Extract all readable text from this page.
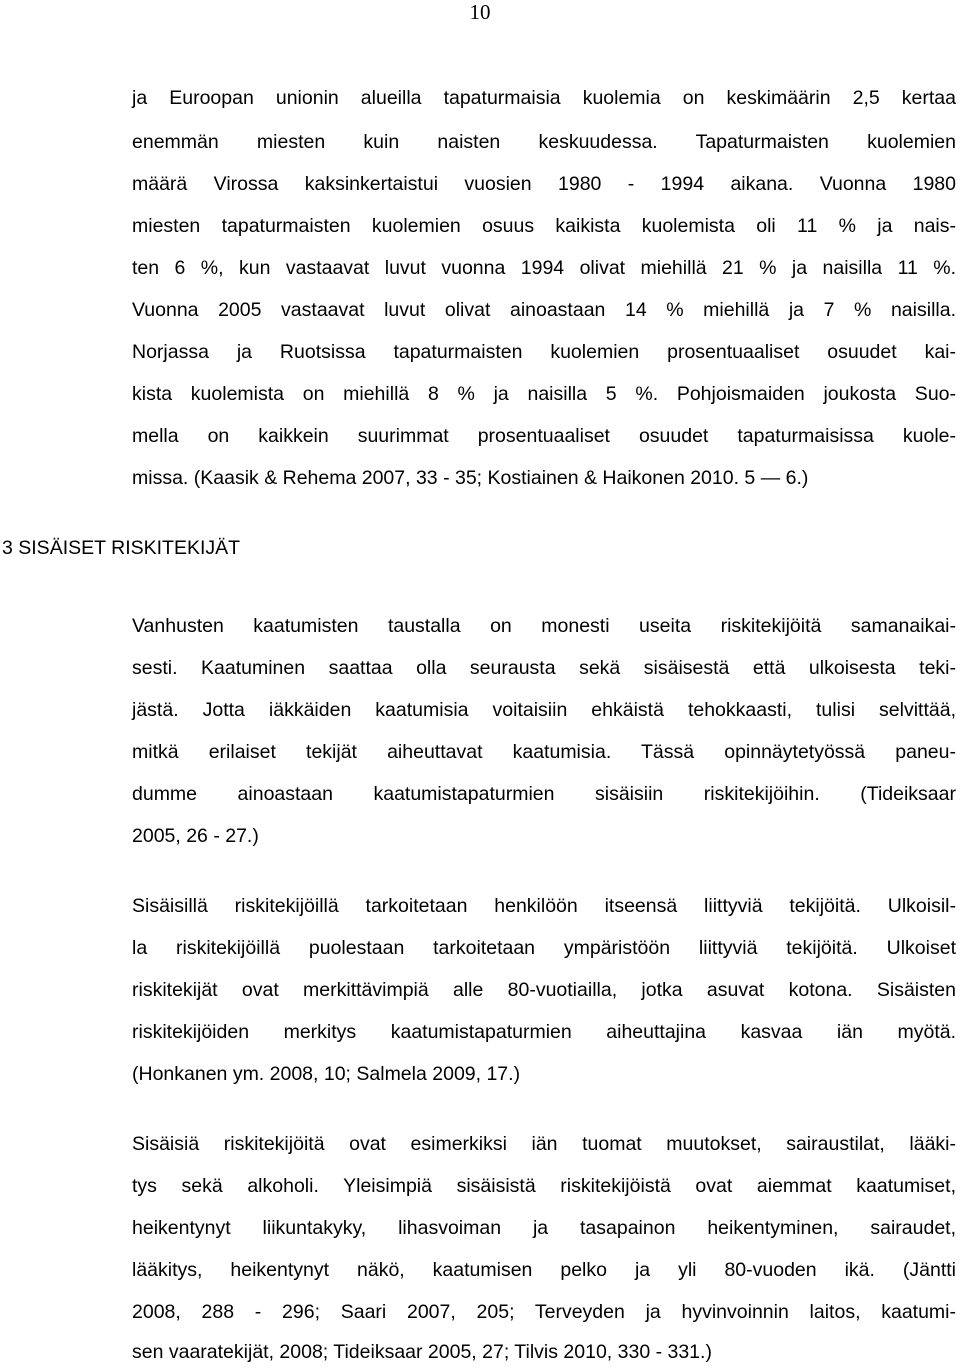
10
ja Euroopan unionin alueilla tapaturmaisia kuolemia on keskimäärin 2,5 kertaa
enemmän miesten kuin naisten keskuudessa. Tapaturmaisten kuolemien
määrä Virossa kaksinkertaistui vuosien 1980 - 1994 aikana. Vuonna 1980
miesten tapaturmaisten kuolemien osuus kaikista kuolemista oli 11 % ja nais-
ten 6 %, kun vastaavat luvut vuonna 1994 olivat miehillä 21 % ja naisilla 11 %.
Vuonna 2005 vastaavat luvut olivat ainoastaan 14 % miehillä ja 7 % naisilla.
Norjassa ja Ruotsissa tapaturmaisten kuolemien prosentuaaliset osuudet kai-
kista kuolemista on miehillä 8 % ja naisilla 5 %. Pohjoismaiden joukosta Suo-
mella on kaikkein suurimmat prosentuaaliset osuudet tapaturmaisissa kuole-
missa. (Kaasik & Rehema 2007, 33 - 35; Kostiainen & Haikonen 2010. 5 — 6.)
3 SISÄISET RISKITEKIJÄT
Vanhusten kaatumisten taustalla on monesti useita riskitekijöitä samanaikai-
sesti. Kaatuminen saattaa olla seurausta sekä sisäisestä että ulkoisesta teki-
jästä. Jotta iäkkäiden kaatumisia voitaisiin ehkäistä tehokkaasti, tulisi selvittää,
mitkä erilaiset tekijät aiheuttavat kaatumisia. Tässä opinnäytetyössä paneu-
dumme ainoastaan kaatumistapaturmien sisäisiin riskitekijöihin. (Tideiksaar
2005, 26 - 27.)
Sisäisillä riskitekijöillä tarkoitetaan henkilöön itseensä liittyviä tekijöitä. Ulkoisil-
la riskitekijöillä puolestaan tarkoitetaan ympäristöön liittyviä tekijöitä. Ulkoiset
riskitekijät ovat merkittävimpiä alle 80-vuotiailla, jotka asuvat kotona. Sisäisten
riskitekijöiden merkitys kaatumistapaturmien aiheuttajina kasvaa iän myötä.
(Honkanen ym. 2008, 10; Salmela 2009, 17.)
Sisäisiä riskitekijöitä ovat esimerkiksi iän tuomat muutokset, sairaustilat, lääki-
tys sekä alkoholi. Yleisimpiä sisäisistä riskitekijöistä ovat aiemmat kaatumiset,
heikentynyt liikuntakyky, lihasvoiman ja tasapainon heikentyminen, sairaudet,
lääkitys, heikentynyt näkö, kaatumisen pelko ja yli 80-vuoden ikä. (Jäntti
2008, 288 - 296; Saari 2007, 205; Terveyden ja hyvinvoinnin laitos, kaatumi-
sen vaaratekijät, 2008; Tideiksaar 2005, 27; Tilvis 2010, 330 - 331.)
